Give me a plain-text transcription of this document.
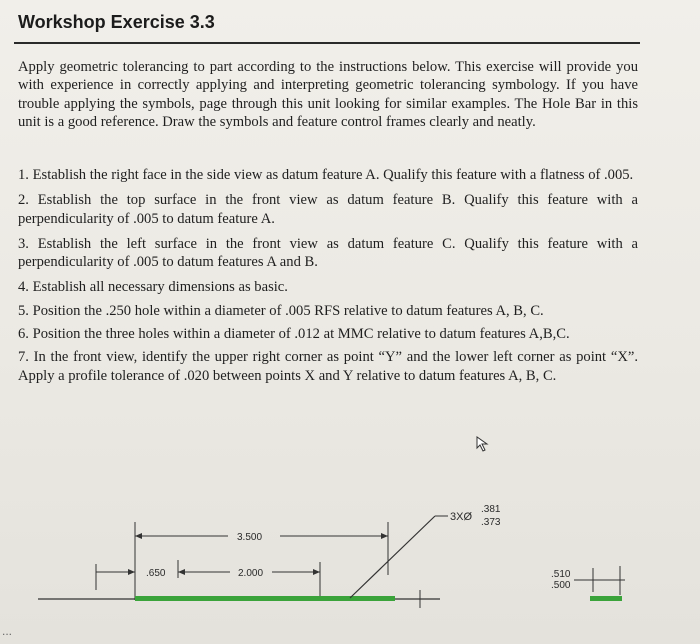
Workshop Exercise 3.3

Apply geometric tolerancing to part according to the instructions below. This exercise will provide you with experience in correctly applying and interpreting geometric tolerancing symbology. If you have trouble applying the symbols, page through this unit looking for similar examples. The Hole Bar in this unit is a good reference. Draw the symbols and feature control frames clearly and neatly.

1. Establish the right face in the side view as datum feature A. Qualify this feature with a flatness of .005.
2. Establish the top surface in the front view as datum feature B. Qualify this feature with a perpendicularity of .005 to datum feature A.
3. Establish the left surface in the front view as datum feature C. Qualify this feature with a perpendicularity of .005 to datum features A and B.
4. Establish all necessary dimensions as basic.
5. Position the .250 hole within a diameter of .005 RFS relative to datum features A, B, C.
6. Position the three holes within a diameter of .012 at MMC relative to datum features A,B,C.
7. In the front view, identify the upper right corner as point “Y” and the lower left corner as point “X”. Apply a profile tolerance of .020 between points X and Y relative to datum features A, B, C.
3.500
2.000
.650
3XØ
.381
.373
.510
.500
...
